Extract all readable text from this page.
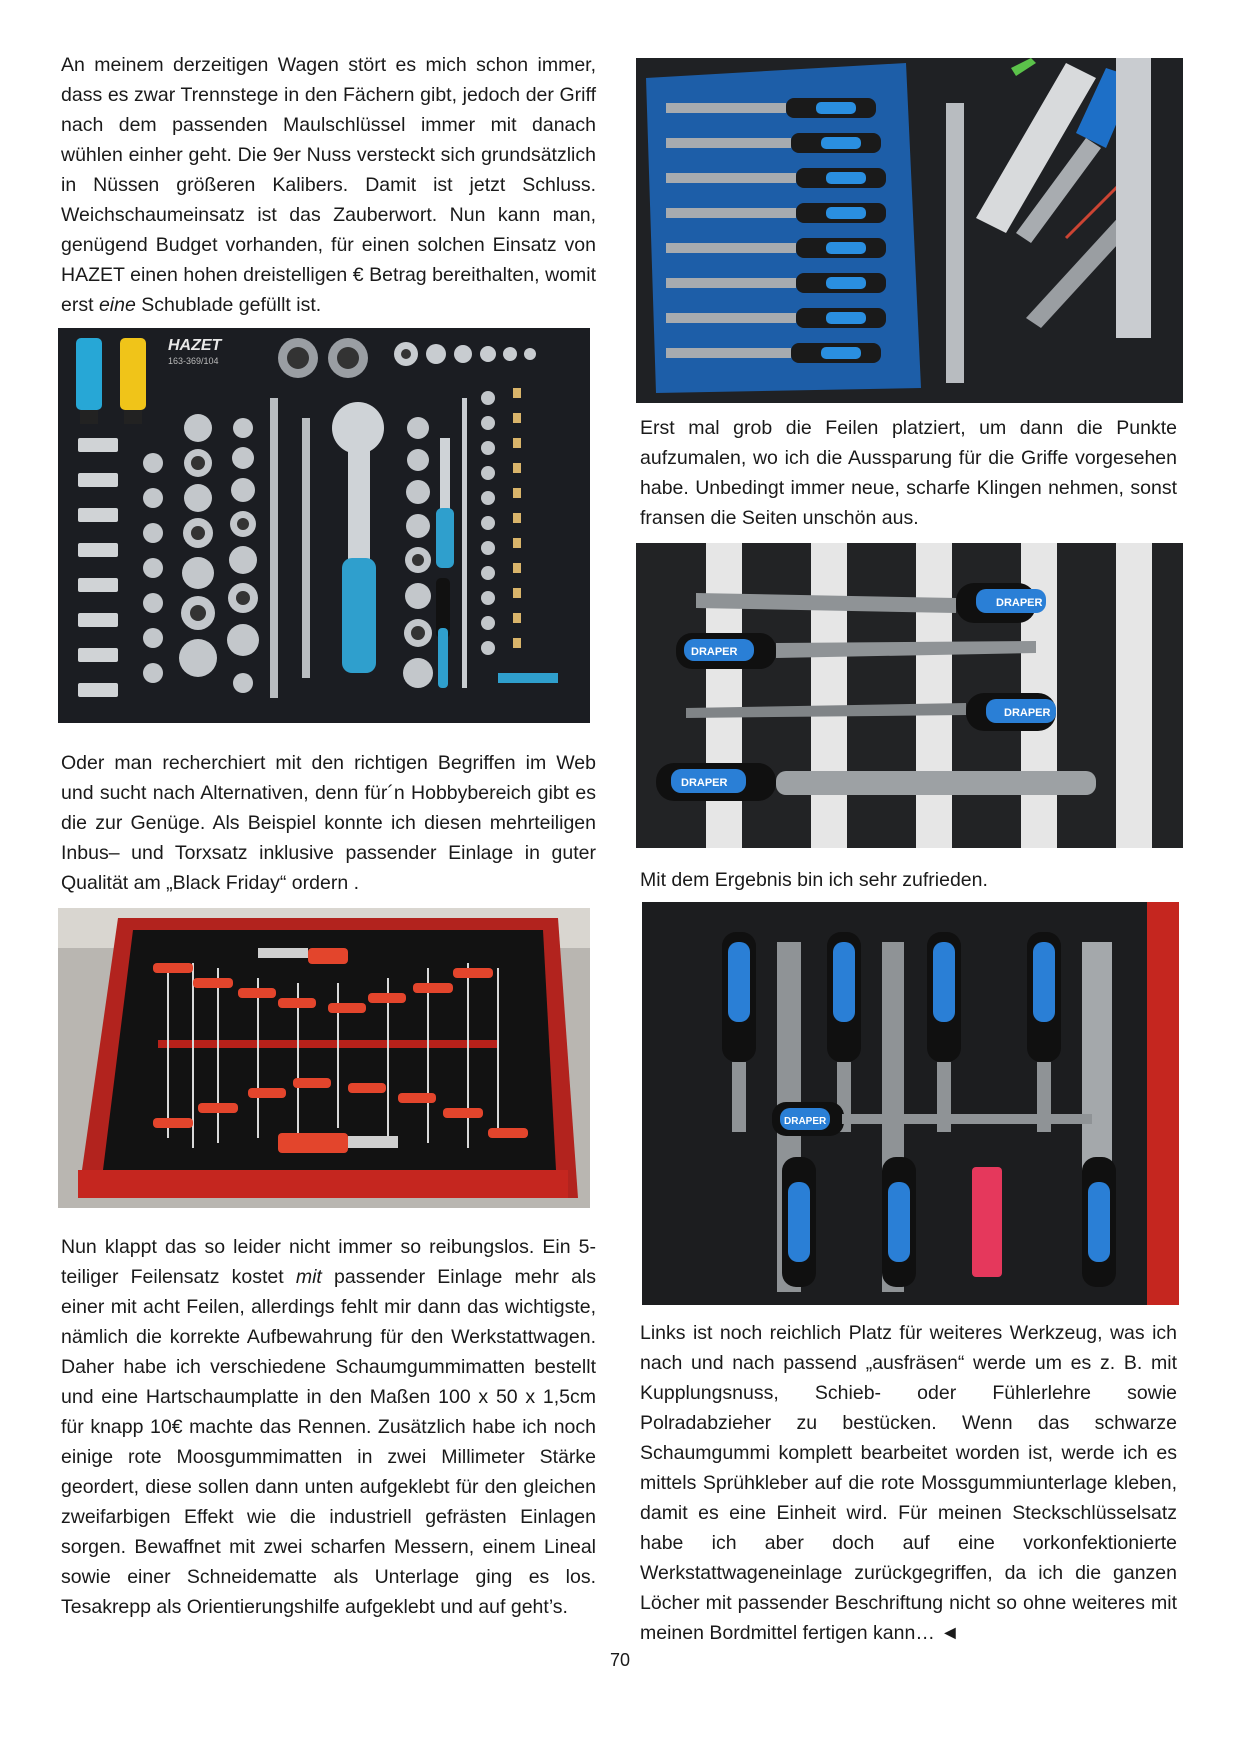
An meinem derzeitigen Wagen stört es mich schon immer, dass es zwar Trennstege in den Fächern gibt, jedoch der Griff nach dem passenden Maulschlüssel immer mit danach wühlen einher geht. Die 9er Nuss versteckt sich grundsätzlich in Nüssen größeren Kalibers. Damit ist jetzt Schluss. Weichschaumeinsatz ist das Zauberwort. Nun kann man, genügend Budget vorhanden, für einen solchen Einsatz von HAZET einen hohen dreistelligen € Betrag bereithalten, womit erst eine Schublade gefüllt ist.

HAZET
163-369/104

Oder man recherchiert mit den richtigen Begriffen im Web und sucht nach Alternativen, denn für´n Hobbybereich gibt es die zur Genüge. Als Beispiel konnte ich diesen mehrteiligen Inbus– und Torxsatz inklusive passender Einlage in guter Qualität am „Black Friday“ ordern .

Nun klappt das so leider nicht immer so reibungslos. Ein 5-teiliger Feilensatz kostet mit passender Einlage mehr als einer mit acht Feilen, allerdings fehlt mir dann das wichtigste, nämlich die korrekte Aufbewahrung für den Werkstattwagen. Daher habe ich verschiedene Schaumgummimatten bestellt und eine Hartschaumplatte in den Maßen 100 x 50 x 1,5cm für knapp 10€ machte das Rennen. Zusätzlich habe ich noch einige rote Moosgummimatten in zwei Millimeter Stärke geordert, diese sollen dann unten aufgeklebt für den gleichen zweifarbigen Effekt wie die industriell gefrästen Einlagen sorgen. Bewaffnet mit zwei scharfen Messern, einem Lineal sowie einer Schneidematte als Unterlage ging es los. Tesakrepp als Orientierungshilfe aufgeklebt und auf geht’s.

Erst mal grob die Feilen platziert, um dann die Punkte aufzumalen, wo ich die Aussparung für die Griffe vorgesehen habe. Unbedingt immer neue, scharfe Klingen nehmen, sonst fransen die Seiten unschön aus.

DRAPER
DRAPER
DRAPER
DRAPER

Mit dem Ergebnis bin ich sehr zufrieden.

DRAPER

Links ist noch reichlich Platz für weiteres Werkzeug, was ich nach und nach passend „ausfräsen“ werde um es z. B. mit Kupplungsnuss, Schieb- oder Fühlerlehre sowie Polradabzieher zu bestücken. Wenn das schwarze Schaumgummi komplett bearbeitet worden ist, werde ich es mittels Sprühkleber auf die rote Mossgummiunterlage kleben, damit es eine Einheit wird. Für meinen Steckschlüsselsatz habe ich aber doch auf eine vorkonfektionierte Werkstattwageneinlage zurückgegriffen, da ich die ganzen Löcher mit passender Beschriftung nicht so ohne weiteres mit meinen Bordmittel fertigen kann… ◄

70
